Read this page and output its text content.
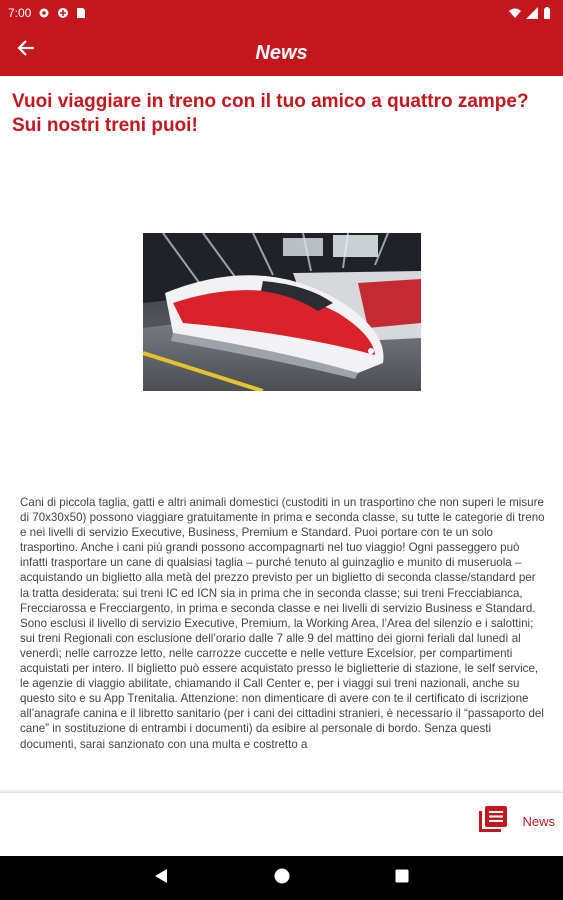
7:00
News
Vuoi viaggiare in treno con il tuo amico a quattro zampe? Sui nostri treni puoi!

Cani di piccola taglia, gatti e altri animali domestici (custoditi in un trasportino che non superi le misure di 70x30x50) possono viaggiare gratuitamente in prima e seconda classe, su tutte le categorie di treno e nei livelli di servizio Executive, Business, Premium e Standard. Puoi portare con te un solo trasportino. Anche i cani più grandi possono accompagnarti nel tuo viaggio! Ogni passeggero può infatti trasportare un cane di qualsiasi taglia – purché tenuto al guinzaglio e munito di museruola – acquistando un biglietto alla metà del prezzo previsto per un biglietto di seconda classe/standard per la tratta desiderata: sui treni IC ed ICN sia in prima che in seconda classe; sui treni Frecciabianca, Frecciarossa e Frecciargento, in prima e seconda classe e nei livelli di servizio Business e Standard. Sono esclusi il livello di servizio Executive, Premium, la Working Area, l’Area del silenzio e i salottini; sui treni Regionali con esclusione dell’orario dalle 7 alle 9 del mattino dei giorni feriali dal lunedì al venerdì; nelle carrozze letto, nelle carrozze cuccette e nelle vetture Excelsior, per compartimenti acquistati per intero. Il biglietto può essere acquistato presso le biglietterie di stazione, le self service, le agenzie di viaggio abilitate, chiamando il Call Center e, per i viaggi sui treni nazionali, anche su questo sito e su App Trenitalia. Attenzione: non dimenticare di avere con te il certificato di iscrizione all’anagrafe canina e il libretto sanitario (per i cani dei cittadini stranieri, è necessario il “passaporto del cane” in sostituzione di entrambi i documenti) da esibire al personale di bordo. Senza questi documenti, sarai sanzionato con una multa e costretto a

News
